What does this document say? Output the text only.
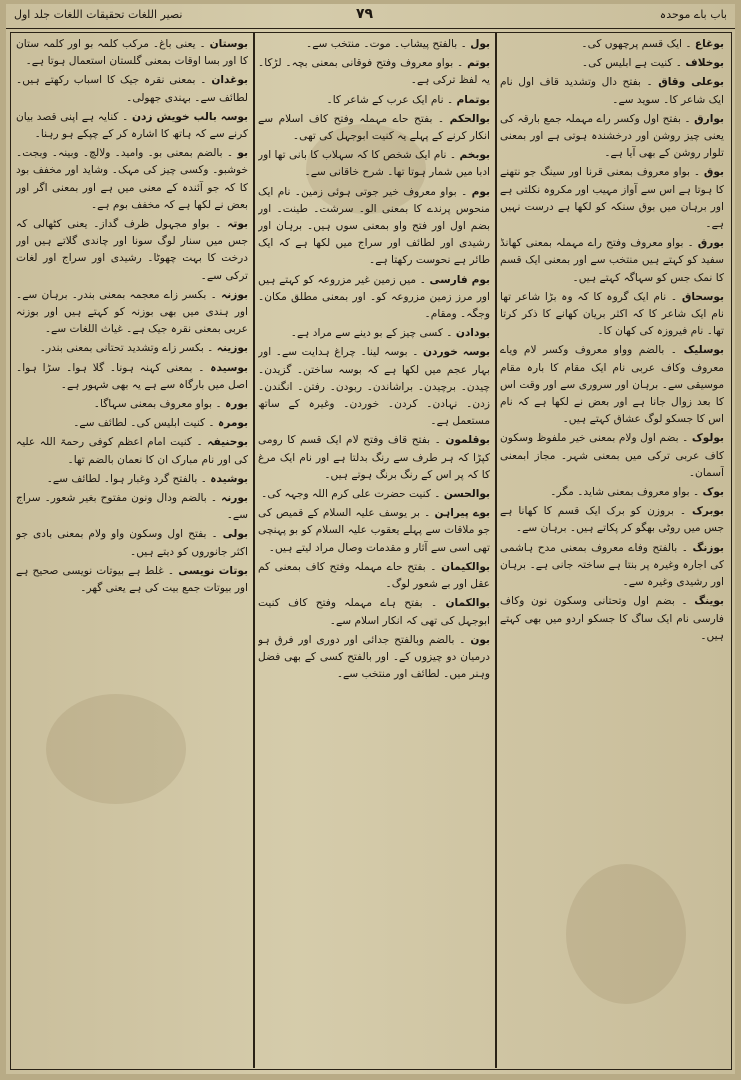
باب باے موحدہ
۷۹
نصیر اللغات تحقیقات اللغات جلد اول
بوغاع ۔ ایک قسم پرچھوں کی۔
بوخلاف ۔ کنیت ہے ابلیس کی۔
بوعلی وقاق ۔ بفتح دال وتشدید قاف اول نام ایک شاعر کا۔ سوید سے۔
بوارق ۔ بفتح اول وکسر راے مہملہ جمع بارقہ کی یعنی چیز روشن اور درخشندہ ہوتی ہے اور بمعنی تلوار روشن کے بھی آیا ہے۔
بوق ۔ بواو معروف بمعنی قرنا اور سینگ جو نتھنے کا ہوتا ہے اس سے آواز مہیب اور مکروہ نکلتی ہے اور برہان میں بوق سنکہ کو لکھا ہے درست نہیں ہے۔
بورق ۔ بواو معروف وفتح راے مہملہ بمعنی کھانڈ سفید کو کہتے ہیں منتخب سے اور بمعنی ایک قسم کا نمک جس کو سہاگہ کہتے ہیں۔
بوسحاق ۔ نام ایک گروہ کا کہ وہ بڑا شاعر تھا نام ایک شاعر کا کہ اکثر بریان کھانے کا ذکر کرتا تھا۔ نام فیروزہ کی کھان کا۔
بوسلیک ۔ بالضم وواو معروف وکسر لام ویاے معروف وکاف عربی نام ایک مقام کا بارہ مقام موسیقی سے۔ برہان اور سروری سے اور وقت اس کا بعد زوال جانا ہے اور بعض نے لکھا ہے کہ نام اس کا جسکو لوگ عشاق کہتے ہیں۔
بولوک ۔ بضم اول ولام بمعنی خیر ملفوظ وسکون کاف عربی ترکی میں بمعنی شہر۔ مجاز ابمعنی آسمان۔
بوک ۔ بواو معروف بمعنی شاید۔ مگر۔
بوبرک ۔ بروزن کو برک ایک قسم کا کھانا ہے جس میں روٹی بھگو کر پکاتے ہیں۔ برہان سے۔
بوزنگ ۔ بالفتح وفاے معروف بمعنی مدح ہاشمی کی اجارہ وغیرہ پر بنتا ہے ساختہ جانی ہے۔ برہان اور رشیدی وغیرہ سے۔
بوینگ ۔ بضم اول وتحتانی وسکون نون وکاف فارسی نام ایک ساگ کا جسکو اردو میں بھی کہتے ہیں۔
بول ۔ بالفتح پیشاب۔ موت۔ منتخب سے۔
بوتم ۔ بواو معروف وفتح فوقانی بمعنی بچہ۔ لڑکا۔ یہ لفظ ترکی ہے۔
بوتمام ۔ نام ایک عرب کے شاعر کا۔
بوالحکم ۔ بفتح حاے مہملہ وفتح کاف اسلام سے انکار کرنے کے پہلے یہ کنیت ابوجہل کی تھی۔
بوبخم ۔ نام ایک شخص کا کہ سہلاب کا بانی تھا اور ادبا میں شمار ہوتا تھا۔ شرح خاقانی سے۔
بوم ۔ بواو معروف خیر جوتی ہوئی زمین۔ نام ایک منحوس پرندے کا بمعنی الو۔ سرشت۔ طینت۔ اور بضم اول اور فتح واو بمعنی سوں ہیں۔ برہان اور رشیدی اور لطائف اور سراج میں لکھا ہے کہ ایک طائر ہے نحوست رکھتا ہے۔
بوم فارسی ۔ میں زمین غیر مزروعہ کو کہتے ہیں اور مرز زمین مزروعہ کو۔ اور بمعنی مطلق مکان۔ وجگہ۔ ومقام۔
بودادن ۔ کسی چیز کے بو دینے سے مراد ہے۔
بوسہ خوردن ۔ بوسہ لینا۔ چراغ ہدایت سے۔ اور بہار عجم میں لکھا ہے کہ بوسہ ساختن۔ گزیدن۔ چیدن۔ برچیدن۔ براشاندن۔ ربودن۔ رفتن۔ انگندن۔ زدن۔ نہادن۔ کردن۔ خوردن۔ وغیرہ کے ساتھ مستعمل ہے۔
بوقلمون ۔ بفتح قاف وفتح لام ایک قسم کا رومی کپڑا کہ ہر طرف سے رنگ بدلتا ہے اور نام ایک مرغ کا کہ پر اس کے رنگ برنگ ہوتے ہیں۔
بوالحسن ۔ کنیت حضرت علی کرم اللہ وجہہ کی۔
بوے پیراہن ۔ بر یوسف علیہ السلام کے قمیص کی جو ملاقات سے پہلے یعقوب علیہ السلام کو بو پہنچی تھی اسی سے آثار و مقدمات وصال مراد لیتے ہیں۔
بوالکیمان ۔ بفتح حاے مہملہ وفتح کاف بمعنی کم عقل اور بے شعور لوگ۔
بوالکمان ۔ بفتح ہاے مہملہ وفتح کاف کنیت ابوجہل کی تھی کہ انکار اسلام سے۔
بون ۔ بالضم وبالفتح جدائی اور دوری اور فرق ہو درمیان دو چیزوں کے۔ اور بالفتح کسی کے بھی فضل وہنر میں۔ لطائف اور منتخب سے۔
بوستان ۔ یعنی باغ۔ مرکب کلمہ بو اور کلمہ ستان کا اور بسا اوقات بمعنی گلستان استعمال ہوتا ہے۔
بوغدان ۔ بمعنی نقرہ جیک کا اسباب رکھتے ہیں۔ لطائف سے۔ بہندی جھولی۔
بوسہ بالب خویش زدن ۔ کنایہ ہے اپنی قصد بیان کرنے سے کہ ہاتھ کا اشارہ کر کے چپکے ہو رہنا۔
بو ۔ بالضم بمعنی بو۔ وامید۔ ولالچ۔ وبینہ۔ وبجت۔ خوشبو۔ وکسی چیز کی مہک۔ وشاید اور مخفف بود کا کہ جو آئندہ کے معنی میں ہے اور بمعنی اگر اور بعض نے لکھا ہے کہ مخفف بوم ہے۔
بوتہ ۔ بواو مجہول ظرف گداز۔ یعنی کٹھالی کہ جس میں سنار لوگ سونا اور چاندی گلاتے ہیں اور درخت کا بہت چھوٹا۔ رشیدی اور سراج اور لغات ترکی سے۔
بوزنہ ۔ بکسر زاے معجمہ بمعنی بندر۔ برہان سے۔ اور ہندی میں بھی بوزنہ کو کہتے ہیں اور بوزنہ عربی بمعنی نقرہ جیک ہے۔ غیاث اللغات سے۔
بوزینہ ۔ بکسر زاے وتشدید تحتانی بمعنی بندر۔
بوسیدہ ۔ بمعنی کہنہ ہونا۔ گلا ہوا۔ سڑا ہوا۔ اصل میں بارگاہ سے ہے یہ بھی شہور ہے۔
بورہ ۔ بواو معروف بمعنی سہاگا۔
بومرہ ۔ کنیت ابلیس کی۔ لطائف سے۔
بوحنیفہ ۔ کنیت امام اعظم کوفی رحمۃ اللہ علیہ کی اور نام مبارک ان کا نعمان بالضم تھا۔
بوشیدہ ۔ بالفتح گرد وغبار ہوا۔ لطائف سے۔
بورنہ ۔ بالضم ودال ونون مفتوح بغیر شعور۔ سراج سے۔
بولی ۔ بفتح اول وسکون واو ولام بمعنی بادی جو اکثر جانوروں کو دیتے ہیں۔
بوتات نویسی ۔ غلط ہے بیوتات نویسی صحیح ہے اور بیوتات جمع بیت کی ہے یعنی گھر۔
